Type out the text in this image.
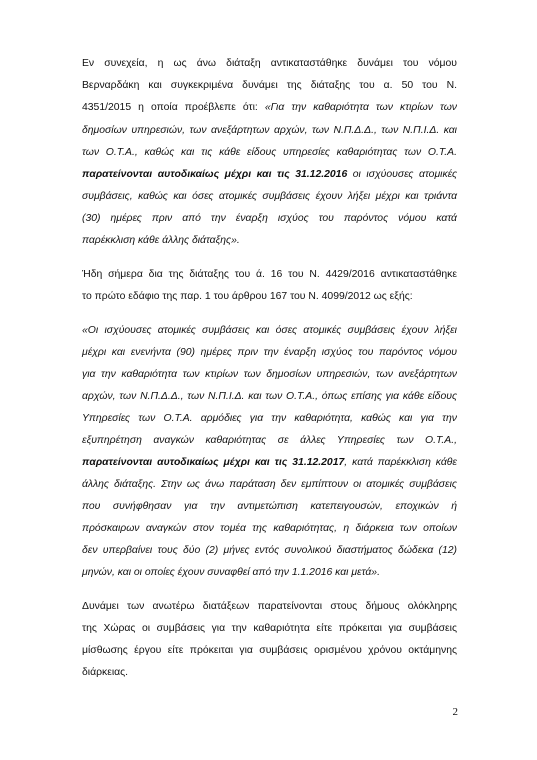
Εν συνεχεία, η ως άνω διάταξη αντικαταστάθηκε δυνάμει του νόμου
Βερναρδάκη και συγκεκριμένα δυνάμει της διάταξης του α. 50 του Ν.
4351/2015 η οποία προέβλεπε ότι: «Για την καθαριότητα των κτιρίων των
δημοσίων υπηρεσιών, των ανεξάρτητων αρχών, των Ν.Π.Δ.Δ., των Ν.Π.Ι.Δ. και
των Ο.Τ.Α., καθώς και τις κάθε είδους υπηρεσίες καθαριότητας των Ο.Τ.Α.
παρατείνονται αυτοδικαίως μέχρι και τις 31.12.2016 οι ισχύουσες ατομικές
συμβάσεις, καθώς και όσες ατομικές συμβάσεις έχουν λήξει μέχρι και τριάντα
(30) ημέρες πριν από την έναρξη ισχύος του παρόντος νόμου κατά
παρέκκλιση κάθε άλλης διάταξης».
Ήδη σήμερα δια της διάταξης του ά. 16 του Ν. 4429/2016 αντικαταστάθηκε
το πρώτο εδάφιο της παρ. 1 του άρθρου 167 του Ν. 4099/2012 ως εξής:
«Οι ισχύουσες ατομικές συμβάσεις και όσες ατομικές συμβάσεις έχουν λήξει
μέχρι και ενενήντα (90) ημέρες πριν την έναρξη ισχύος του παρόντος νόμου
για την καθαριότητα των κτιρίων των δημοσίων υπηρεσιών, των ανεξάρτητων
αρχών, των Ν.Π.Δ.Δ., των Ν.Π.Ι.Δ. και των Ο.Τ.Α., όπως επίσης για κάθε είδους
Υπηρεσίες των Ο.Τ.Α. αρμόδιες για την καθαριότητα, καθώς και για την
εξυπηρέτηση αναγκών καθαριότητας σε άλλες Υπηρεσίες των Ο.Τ.Α.,
παρατείνονται αυτοδικαίως μέχρι και τις 31.12.2017, κατά παρέκκλιση κάθε
άλλης διάταξης. Στην ως άνω παράταση δεν εμπίπτουν οι ατομικές συμβάσεις
που συνήφθησαν για την αντιμετώπιση κατεπειγουσών, εποχικών ή
πρόσκαιρων αναγκών στον τομέα της καθαριότητας, η διάρκεια των οποίων
δεν υπερβαίνει τους δύο (2) μήνες εντός συνολικού διαστήματος δώδεκα (12)
μηνών, και οι οποίες έχουν συναφθεί από την 1.1.2016 και μετά».
Δυνάμει των ανωτέρω διατάξεων παρατείνονται στους δήμους ολόκληρης
της Χώρας οι συμβάσεις για την καθαριότητα είτε πρόκειται για συμβάσεις
μίσθωσης έργου είτε πρόκειται για συμβάσεις ορισμένου χρόνου οκτάμηνης
διάρκειας.
2
